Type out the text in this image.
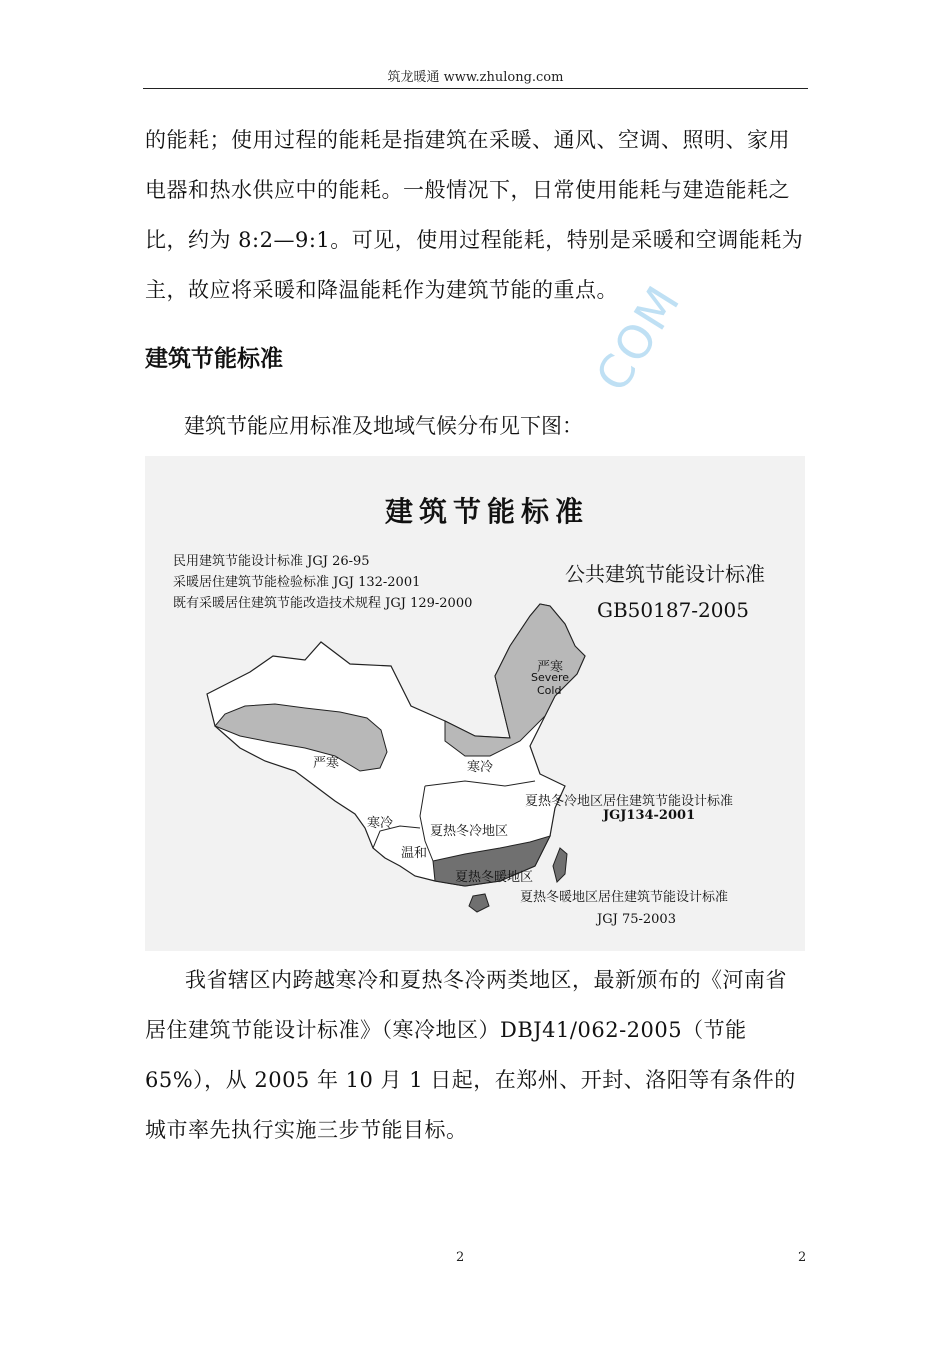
筑龙暖通 www.zhulong.com
COM
的能耗；使用过程的能耗是指建筑在采暖、通风、空调、照明、家用电器和热水供应中的能耗。一般情况下，日常使用能耗与建造能耗之比，约为 8:2—9:1。可见，使用过程能耗，特别是采暖和空调能耗为主，故应将采暖和降温能耗作为建筑节能的重点。
建筑节能标准
建筑节能应用标准及地域气候分布见下图：
建筑节能标准
民用建筑节能设计标准 JGJ 26-95
采暖居住建筑节能检验标准 JGJ 132-2001
既有采暖居住建筑节能改造技术规程 JGJ 129-2000
公共建筑节能设计标准
GB50187-2005
严寒
Severe
Cold
严寒	寒冷
寒冷
温和
夏热冬冷地区
夏热冬暖地区
夏热冬冷地区居住建筑节能设计标准
JGJ134-2001
夏热冬暖地区居住建筑节能设计标准
JGJ 75-2003
我省辖区内跨越寒冷和夏热冬冷两类地区，最新颁布的《河南省居住建筑节能设计标准》（寒冷地区）DBJ41/062-2005（节能 65%），从 2005 年 10 月 1 日起，在郑州、开封、洛阳等有条件的城市率先执行实施三步节能目标。
2	2
